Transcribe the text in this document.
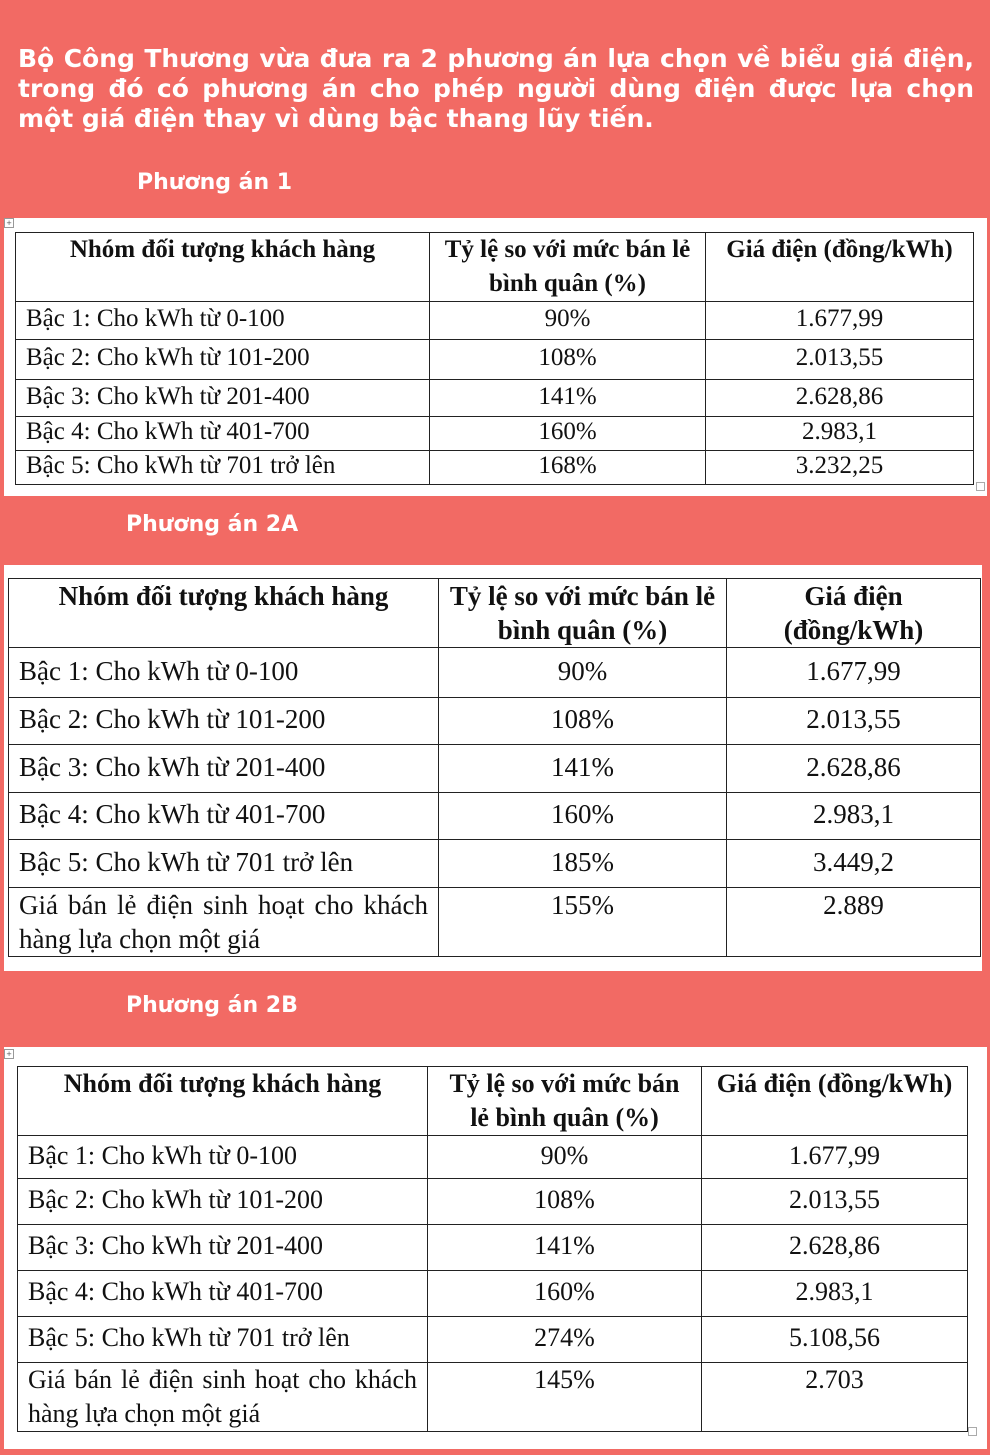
Bộ Công Thương vừa đưa ra 2 phương án lựa chọn về biểu giá điện, trong đó có phương án cho phép người dùng điện được lựa chọn một giá điện thay vì dùng bậc thang lũy tiến.

Phương án 1
+
Nhóm đối tượng khách hàng	Tỷ lệ so với mức bán lẻ bình quân (%)	Giá điện (đồng/kWh)
Bậc 1: Cho kWh từ 0-100	90%	1.677,99
Bậc 2: Cho kWh từ 101-200	108%	2.013,55
Bậc 3: Cho kWh từ 201-400	141%	2.628,86
Bậc 4: Cho kWh từ 401-700	160%	2.983,1
Bậc 5: Cho kWh từ 701 trở lên	168%	3.232,25
Phương án 2A
Nhóm đối tượng khách hàng	Tỷ lệ so với mức bán lẻ bình quân (%)	Giá điện (đồng/kWh)
Bậc 1: Cho kWh từ 0-100	90%	1.677,99
Bậc 2: Cho kWh từ 101-200	108%	2.013,55
Bậc 3: Cho kWh từ 201-400	141%	2.628,86
Bậc 4: Cho kWh từ 401-700	160%	2.983,1
Bậc 5: Cho kWh từ 701 trở lên	185%	3.449,2
Giá bán lẻ điện sinh hoạt cho khách hàng lựa chọn một giá	155%	2.889
Phương án 2B
+
Nhóm đối tượng khách hàng	Tỷ lệ so với mức bán lẻ bình quân (%)	Giá điện (đồng/kWh)
Bậc 1: Cho kWh từ 0-100	90%	1.677,99
Bậc 2: Cho kWh từ 101-200	108%	2.013,55
Bậc 3: Cho kWh từ 201-400	141%	2.628,86
Bậc 4: Cho kWh từ 401-700	160%	2.983,1
Bậc 5: Cho kWh từ 701 trở lên	274%	5.108,56
Giá bán lẻ điện sinh hoạt cho khách hàng lựa chọn một giá	145%	2.703
